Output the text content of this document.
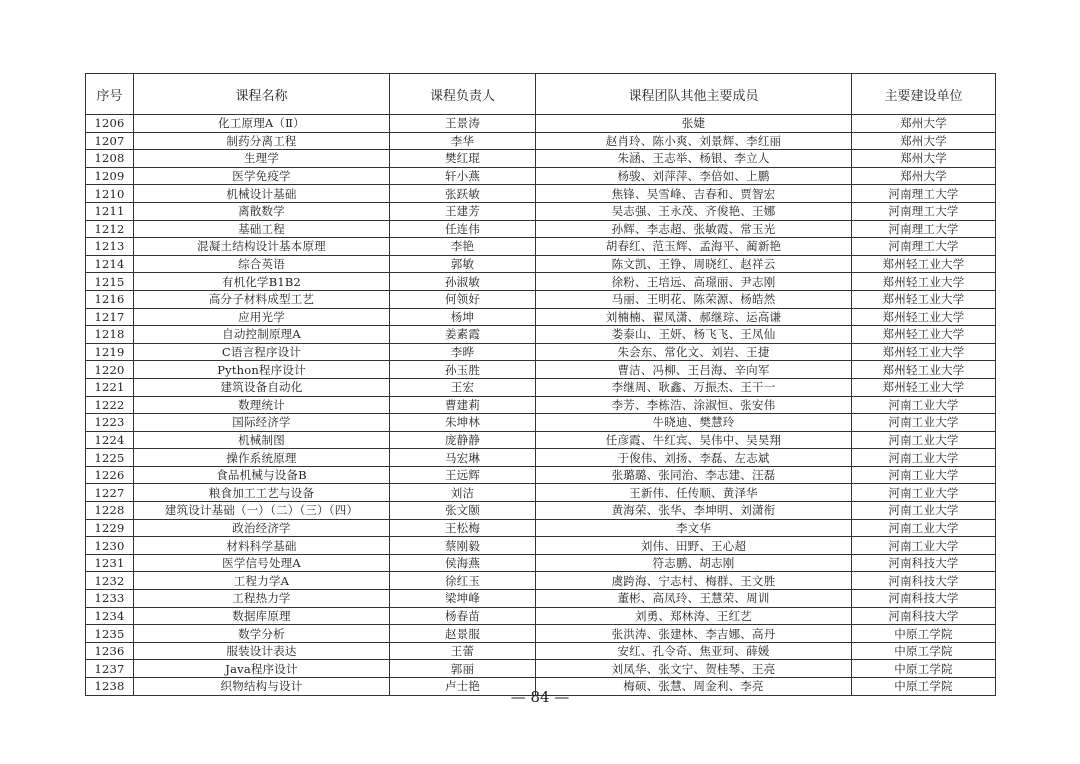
序号	课程名称	课程负责人	课程团队其他主要成员	主要建设单位
1206	化工原理A（Ⅱ）	王景涛	张婕	郑州大学
1207	制药分离工程	李华	赵肖玲、陈小爽、刘景辉、李红丽	郑州大学
1208	生理学	樊红琨	朱涵、王志举、杨银、李立人	郑州大学
1209	医学免疫学	轩小燕	杨骏、刘萍萍、李倍如、上鹏	郑州大学
1210	机械设计基础	张跃敏	焦锋、吴雪峰、吉春和、贾智宏	河南理工大学
1211	离散数学	王建芳	吴志强、王永茂、齐俊艳、王娜	河南理工大学
1212	基础工程	任连伟	孙辉、李志超、张敏霞、常玉光	河南理工大学
1213	混凝土结构设计基本原理	李艳	胡春红、范玉辉、孟海平、蔺新艳	河南理工大学
1214	综合英语	郭敏	陈文凯、王铮、周晓红、赵祥云	郑州轻工业大学
1215	有机化学B1B2	孙淑敏	徐粉、王培远、高璟丽、尹志刚	郑州轻工业大学
1216	高分子材料成型工艺	何领好	马丽、王明花、陈荣源、杨皓然	郑州轻工业大学
1217	应用光学	杨坤	刘楠楠、翟凤潇、郝继琮、运高谦	郑州轻工业大学
1218	自动控制原理A	姜素霞	娄泰山、王妍、杨飞飞、王凤仙	郑州轻工业大学
1219	C语言程序设计	李晔	朱会东、常化文、刘岩、王捷	郑州轻工业大学
1220	Python程序设计	孙玉胜	曹洁、冯柳、王吕海、辛向军	郑州轻工业大学
1221	建筑设备自动化	王宏	李继周、耿鑫、万振杰、王干一	郑州轻工业大学
1222	数理统计	曹建莉	李芳、李栋浩、涂淑恒、张安伟	河南工业大学
1223	国际经济学	朱坤林	牛晓迪、樊慧玲	河南工业大学
1224	机械制图	庞静静	任彦霞、牛红宾、吴伟中、吴昊翔	河南工业大学
1225	操作系统原理	马宏琳	于俊伟、刘扬、李磊、左志斌	河南工业大学
1226	食品机械与设备B	王远辉	张璐璐、张同治、李志建、汪磊	河南工业大学
1227	粮食加工工艺与设备	刘洁	王新伟、任传顺、黄泽华	河南工业大学
1228	建筑设计基础（一）（二）（三）（四）	张文颐	黄海荣、张华、李坤明、刘潇衔	河南工业大学
1229	政治经济学	王松梅	李文华	河南工业大学
1230	材料科学基础	蔡刚毅	刘伟、田野、王心超	河南工业大学
1231	医学信号处理A	侯海燕	符志鹏、胡志刚	河南科技大学
1232	工程力学A	徐红玉	虞跨海、宁志村、梅群、王文胜	河南科技大学
1233	工程热力学	梁坤峰	董彬、高凤玲、王慧荣、周训	河南科技大学
1234	数据库原理	杨春苗	刘勇、郑林涛、王红艺	河南科技大学
1235	数学分析	赵景服	张洪涛、张建林、李吉娜、高丹	中原工学院
1236	服装设计表达	王蕾	安红、孔令奇、焦亚珂、薛媛	中原工学院
1237	Java程序设计	郭丽	刘凤华、张文宁、贺桂琴、王亮	中原工学院
1238	织物结构与设计	卢士艳	梅硕、张慧、周金利、李亮	中原工学院
— 84 —
